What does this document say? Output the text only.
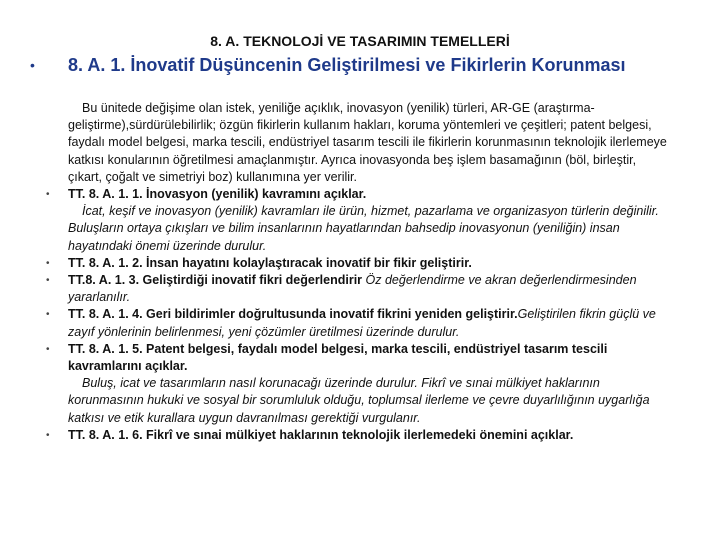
8. A. TEKNOLOJİ VE TASARIMIN TEMELLERİ
• 8. A. 1. İnovatif Düşüncenin Geliştirilmesi ve Fikirlerin Korunması
Bu ünitede değişime olan istek, yeniliğe açıklık, inovasyon (yenilik) türleri, AR-GE (araştırma-geliştirme),sürdürülebilirlik; özgün fikirlerin kullanım hakları, koruma yöntemleri ve çeşitleri; patent belgesi, faydalı model belgesi, marka tescili, endüstriyel tasarım tescili ile fikirlerin korunmasının teknolojik ilerlemeye katkısı konularının öğretilmesi amaçlanmıştır. Ayrıca inovasyonda beş işlem basamağının (böl, birleştir, çıkart, çoğalt ve simetriyi boz) kullanımına yer verilir.
• TT. 8. A. 1. 1. İnovasyon (yenilik) kavramını açıklar.
İcat, keşif ve inovasyon (yenilik) kavramları ile ürün, hizmet, pazarlama ve organizasyon türlerin değinilir. Buluşların ortaya çıkışları ve bilim insanlarının hayatlarından bahsedip inovasyonun (yeniliğin) insan hayatındaki önemi üzerinde durulur.
• TT. 8. A. 1. 2. İnsan hayatını kolaylaştıracak inovatif bir fikir geliştirir.
• TT.8. A. 1. 3. Geliştirdiği inovatif fikri değerlendirir Öz değerlendirme ve akran değerlendirmesinden yararlanılır.
• TT. 8. A. 1. 4. Geri bildirimler doğrultusunda inovatif fikrini yeniden geliştirir.Geliştirilen fikrin güçlü ve zayıf yönlerinin belirlenmesi, yeni çözümler üretilmesi üzerinde durulur.
• TT. 8. A. 1. 5. Patent belgesi, faydalı model belgesi, marka tescili, endüstriyel tasarım tescili kavramlarını açıklar.
Buluş, icat ve tasarımların nasıl korunacağı üzerinde durulur. Fikrî ve sınai mülkiyet haklarının korunmasının hukuki ve sosyal bir sorumluluk olduğu, toplumsal ilerleme ve çevre duyarlılığının uygarlığa katkısı ve etik kurallara uygun davranılması gerektiği vurgulanır.
• TT. 8. A. 1. 6. Fikrî ve sınai mülkiyet haklarının teknolojik ilerlemedeki önemini açıklar.
